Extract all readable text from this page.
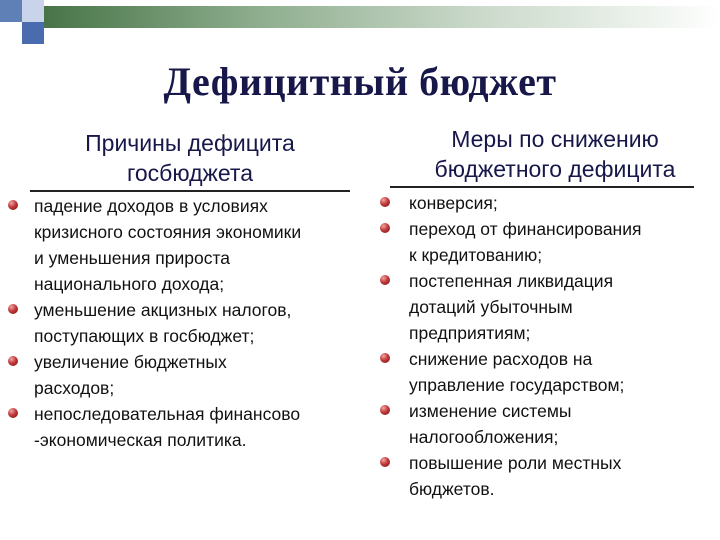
Дефицитный бюджет
Причины дефицита
госбюджета
Меры по снижению
бюджетного дефицита
падение доходов в условиях
кризисного состояния экономики
и уменьшения прироста
национального дохода;
уменьшение акцизных налогов,
поступающих в госбюджет;
увеличение бюджетных
расходов;
непоследовательная финансово
-экономическая политика.
конверсия;
переход от финансирования
к кредитованию;
постепенная ликвидация
дотаций убыточным
предприятиям;
снижение расходов на
управление государством;
изменение системы
налогообложения;
повышение роли местных
бюджетов.
